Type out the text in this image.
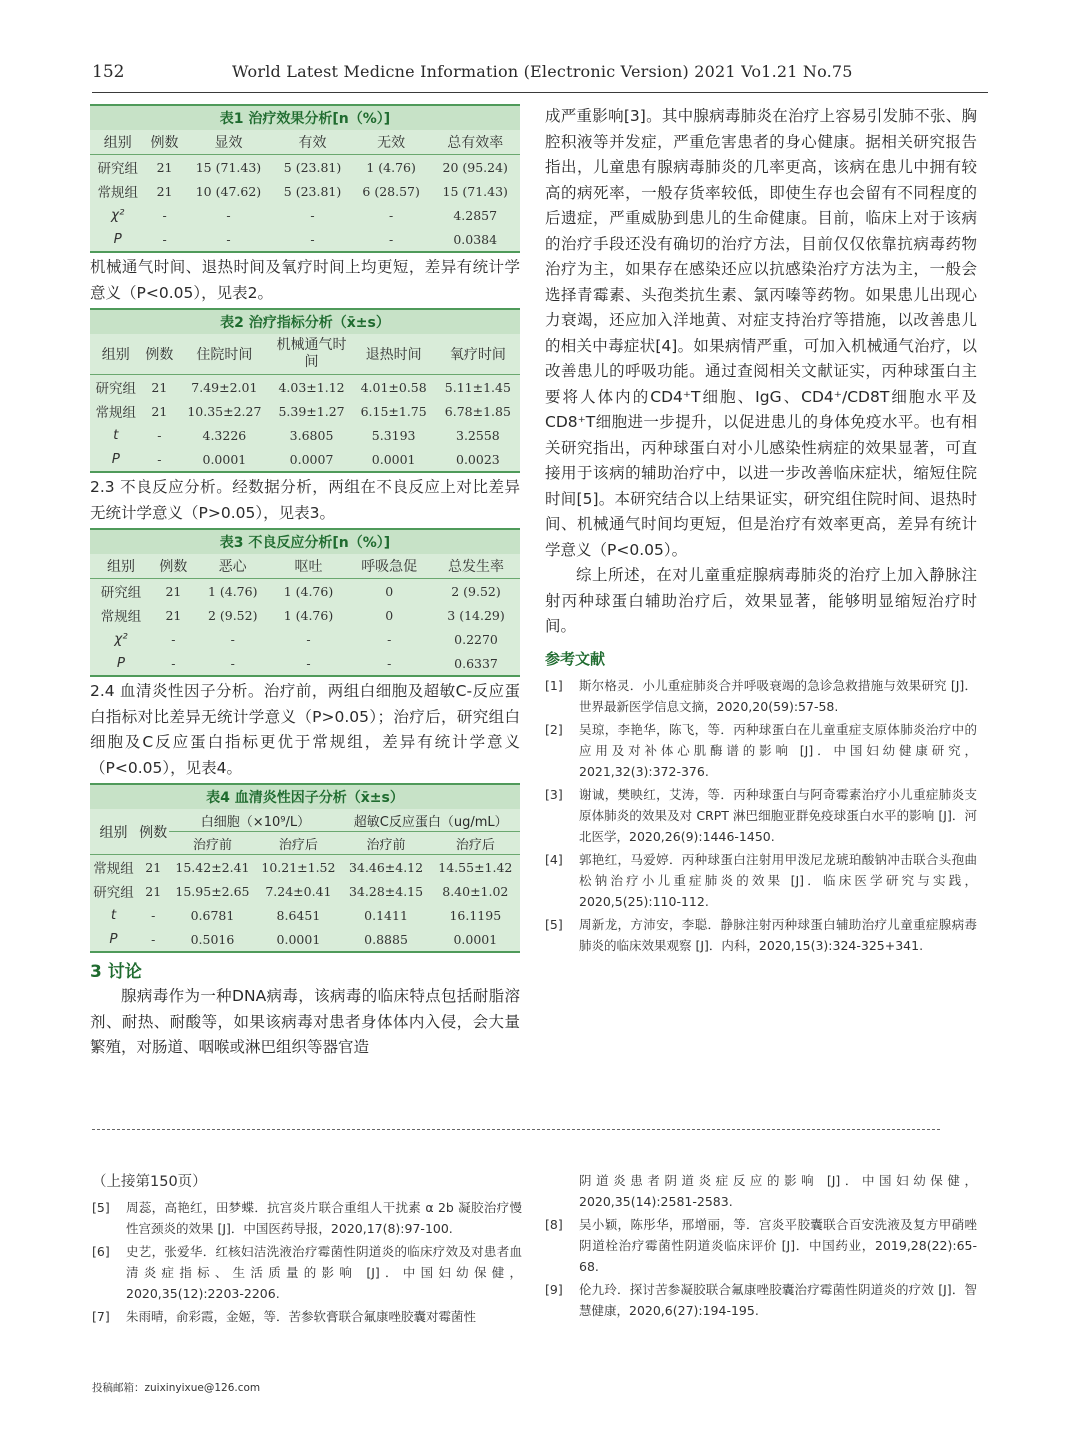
152	World Latest Medicne Information (Electronic Version) 2021 Vo1.21 No.75
表1 治疗效果分析[n（%）]					
组别	例数	显效	有效	无效	总有效率
研究组	21	15 (71.43)	5 (23.81)	1 (4.76)	20 (95.24)
常规组	21	10 (47.62)	5 (23.81)	6 (28.57)	15 (71.43)
χ²	-	-	-	-	4.2857
P	-	-	-	-	0.0384

机械通气时间、退热时间及氧疗时间上均更短，差异有统计学意义（P<0.05），见表2。

表2 治疗指标分析（x̄±s）					
组别	例数	住院时间	机械通气时间	退热时间	氧疗时间
研究组	21	7.49±2.01	4.03±1.12	4.01±0.58	5.11±1.45
常规组	21	10.35±2.27	5.39±1.27	6.15±1.75	6.78±1.85
t	-	4.3226	3.6805	5.3193	3.2558
P	-	0.0001	0.0007	0.0001	0.0023

2.3 不良反应分析。经数据分析，两组在不良反应上对比差异无统计学意义（P>0.05），见表3。

表3 不良反应分析[n（%）]					
组别	例数	恶心	呕吐	呼吸急促	总发生率
研究组	21	1 (4.76)	1 (4.76)	0	2 (9.52)
常规组	21	2 (9.52)	1 (4.76)	0	3 (14.29)
χ²	-	-	-	-	0.2270
P	-	-	-	-	0.6337

2.4 血清炎性因子分析。治疗前，两组白细胞及超敏C-反应蛋白指标对比差异无统计学意义（P>0.05）；治疗后，研究组白细胞及C反应蛋白指标更优于常规组，差异有统计学意义（P<0.05），见表4。

表4 血清炎性因子分析（x̄±s）					
组别	例数	白细胞（×10⁹/L）		超敏C反应蛋白（ug/mL）	
		治疗前	治疗后	治疗前	治疗后
常规组	21	15.42±2.41	10.21±1.52	34.46±4.12	14.55±1.42
研究组	21	15.95±2.65	7.24±0.41	34.28±4.15	8.40±1.02
t	-	0.6781	8.6451	0.1411	16.1195
P	-	0.5016	0.0001	0.8885	0.0001
3 讨论

腺病毒作为一种DNA病毒，该病毒的临床特点包括耐脂溶剂、耐热、耐酸等，如果该病毒对患者身体体内入侵，会大量繁殖，对肠道、咽喉或淋巴组织等器官造

成严重影响[3]。其中腺病毒肺炎在治疗上容易引发肺不张、胸腔积液等并发症，严重危害患者的身心健康。据相关研究报告指出，儿童患有腺病毒肺炎的几率更高，该病在患儿中拥有较高的病死率，一般存货率较低，即使生存也会留有不同程度的后遗症，严重威胁到患儿的生命健康。目前，临床上对于该病的治疗手段还没有确切的治疗方法，目前仅仅依靠抗病毒药物治疗为主，如果存在感染还应以抗感染治疗方法为主，一般会选择青霉素、头孢类抗生素、氯丙嗪等药物。如果患儿出现心力衰竭，还应加入洋地黄、对症支持治疗等措施，以改善患儿的相关中毒症状[4]。如果病情严重，可加入机械通气治疗，以改善患儿的呼吸功能。通过查阅相关文献证实，丙种球蛋白主要将人体内的CD4⁺T细胞、IgG、CD4⁺/CD8T细胞水平及CD8⁺T细胞进一步提升，以促进患儿的身体免疫水平。也有相关研究指出，丙种球蛋白对小儿感染性病症的效果显著，可直接用于该病的辅助治疗中，以进一步改善临床症状，缩短住院时间[5]。本研究结合以上结果证实，研究组住院时间、退热时间、机械通气时间均更短，但是治疗有效率更高，差异有统计学意义（P<0.05）。

综上所述，在对儿童重症腺病毒肺炎的治疗上加入静脉注射丙种球蛋白辅助治疗后，效果显著，能够明显缩短治疗时间。

参考文献
[1] 斯尔格灵．小儿重症肺炎合并呼吸衰竭的急诊急救措施与效果研究 [J]．世界最新医学信息文摘，2020,20(59):57-58.
[2] 吴琼，李艳华，陈飞，等．丙种球蛋白在儿童重症支原体肺炎治疗中的应用及对补体心肌酶谱的影响 [J]．中国妇幼健康研究，2021,32(3):372-376.
[3] 谢诚，樊映红，艾涛，等．丙种球蛋白与阿奇霉素治疗小儿重症肺炎支原体肺炎的效果及对 CRPT 淋巴细胞亚群免疫球蛋白水平的影响 [J]．河北医学，2020,26(9):1446-1450.
[4] 郭艳红，马爱婷．丙种球蛋白注射用甲泼尼龙琥珀酸钠冲击联合头孢曲松钠治疗小儿重症肺炎的效果 [J]．临床医学研究与实践，2020,5(25):110-112.
[5] 周新龙，方沛安，李聪．静脉注射丙种球蛋白辅助治疗儿童重症腺病毒肺炎的临床效果观察 [J]．内科，2020,15(3):324-325+341.

（上接第150页）

[5] 周蕊，高艳红，田梦蝶．抗宫炎片联合重组人干扰素 α 2b 凝胶治疗慢性宫颈炎的效果 [J]．中国医药导报，2020,17(8):97-100.
[6] 史艺，张爱华．红核妇洁洗液治疗霉菌性阴道炎的临床疗效及对患者血清炎症指标、生活质量的影响 [J]．中国妇幼保健，2020,35(12):2203-2206.
[7] 朱雨晴，俞彩霞，金姬，等．苦参软膏联合氟康唑胶囊对霉菌性
阴道炎患者阴道炎症反应的影响 [J]．中国妇幼保健，2020,35(14):2581-2583.
[8] 吴小颖，陈彤华，邢增丽，等．宫炎平胶囊联合百安洗液及复方甲硝唑阴道栓治疗霉菌性阴道炎临床评价 [J]．中国药业，2019,28(22):65-68.
[9] 伦九玲．探讨苦参凝胶联合氟康唑胶囊治疗霉菌性阴道炎的疗效 [J]．智慧健康，2020,6(27):194-195.
投稿邮箱：zuixinyixue@126.com
